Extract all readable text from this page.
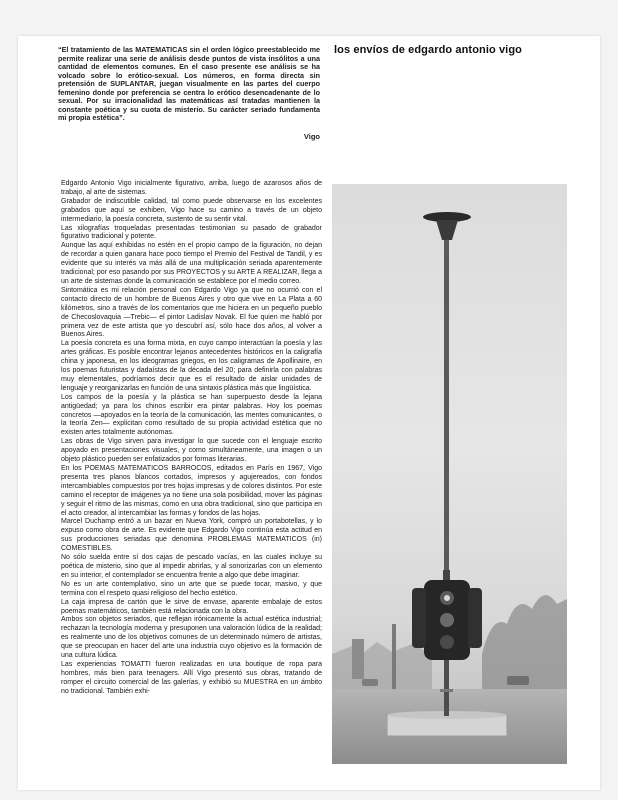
“El tratamiento de las MATEMATICAS sin el orden lógico preestablecido me permite realizar una serie de análisis desde puntos de vista insólitos a una cantidad de elementos comunes. En el caso presente ese análisis se ha volcado sobre lo erótico-sexual. Los números, en forma directa sin pretensión de SUPLANTAR, juegan visualmente en las partes del cuerpo femenino donde por preferencia se centra lo erótico desencadenante de lo sexual. Por su irracionalidad las matemáticas así tratadas mantienen la constante poética y su cuota de misterio. Su carácter seriado fundamenta mi propia estética”.
Vigo
los envíos de edgardo antonio vigo

Edgardo Antonio Vigo inicialmente figurativo, arriba, luego de azarosos años de trabajo, al arte de sistemas.

Grabador de indiscutible calidad, tal como puede observarse en los excelentes grabados que aquí se exhiben, Vigo hace su camino a través de un objeto intermediario, la poesía concreta, sustento de su sentir vital.

Las xilografías troqueladas presentadas testimonian su pasado de grabador figurativo tradicional y potente.

Aunque las aquí exhibidas no estén en el propio campo de la figuración, no dejan de recordar a quien ganara hace poco tiempo el Premio del Festival de Tandil, y es evidente que su interés va más allá de una multiplicación seriada aparentemente tradicional; por eso pasando por sus PROYECTOS y su ARTE A REALIZAR, llega a un arte de sistemas donde la comunicación se establece por el medio correo.

Sintomática es mi relación personal con Edgardo Vigo ya que no ocurrió con el contacto directo de un hombre de Buenos Aires y otro que vive en La Plata a 60 kilómetros, sino a través de los comentarios que me hiciera en un pequeño pueblo de Checoslovaquia —Trebic— el pintor Ladislav Novak. El fue quien me habló por primera vez de este artista que yo descubrí así, sólo hace dos años, al volver a Buenos Aires.

La poesía concreta es una forma mixta, en cuyo campo interactúan la poesía y las artes gráficas. Es posible encontrar lejanos antecedentes históricos en la caligrafía china y japonesa, en los ideogramas griegos, en los caligramas de Apollinaire, en los poemas futuristas y dadaístas de la década del 20; para definirla con palabras muy elementales, podríamos decir que es el resultado de aislar unidades de lenguaje y reorganizarlas en función de una sintaxis plástica más que lingüística.

Los campos de la poesía y la plástica se han superpuesto desde la lejana antigüedad; ya para los chinos escribir era pintar palabras. Hoy los poemas concretos —apoyados en la teoría de la comunicación, las mentes comunicantes, o la teoría Zen— explicitan como resultado de su propia actividad estética que no existen artes totalmente autónomas.

Las obras de Vigo sirven para investigar lo que sucede con el lenguaje escrito apoyado en presentaciones visuales, y como simultáneamente, una imagen o un objeto plástico pueden ser enfatizados por formas literarias.

En los POEMAS MATEMATICOS BARROCOS, editados en París en 1967, Vigo presenta tres planos blancos cortados, impresos y agujereados, con fondos intercambiables compuestos por tres hojas impresas y de colores distintos. Por este camino el receptor de imágenes ya no tiene una sola posibilidad, mover las páginas y seguir el ritmo de las mismas, como en una obra tradicional, sino que participa en el acto creador, al intercambiar las formas y fondos de las hojas.

Marcel Duchamp entró a un bazar en Nueva York, compró un portabotellas, y lo expuso como obra de arte. Es evidente que Edgardo Vigo continúa esta actitud en sus producciones seriadas que denomina PROBLEMAS MATEMATICOS (in) COMESTIBLES.

No sólo suelda entre sí dos cajas de pescado vacías, en las cuales incluye su poética de misterio, sino que al impedir abrirlas, y al sonorizarlas con un elemento en su interior, el contemplador se encuentra frente a algo que debe imaginar.

No es un arte contemplativo, sino un arte que se puede tocar, masivo, y que termina con el respeto quasi religioso del hecho estético.

La caja impresa de cartón que le sirve de envase, aparente embalaje de estos poemas matemáticos, también está relacionada con la obra.

Ambos son objetos seriados, que reflejan irónicamente la actual estética industrial; rechazan la tecnología moderna y presuponen una valoración lúdica de la realidad; es realmente uno de los objetivos comunes de un determinado número de artistas, que se preocupan en hacer del arte una industria cuyo objetivo es la formación de una cultura lúdica.

Las experiencias TOMATTI fueron realizadas en una boutique de ropa para hombres, más bien para teenagers. Allí Vigo presentó sus obras, tratando de romper el circuito comercial de las galerías, y exhibió su MUESTRA en un ámbito no tradicional. También exhi-
